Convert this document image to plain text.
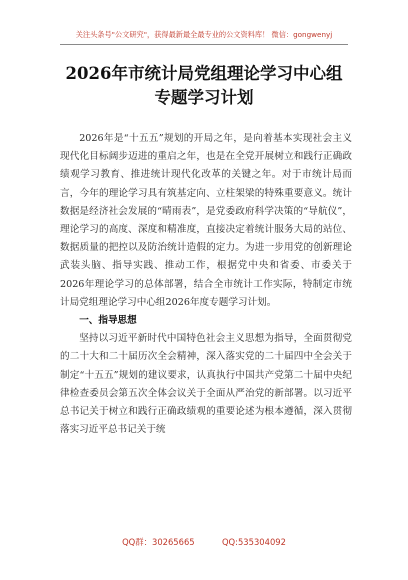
关注头条号"公文研究"，获得最新最全最专业的公文资料库！ 微信：gongwenyj
2026年市统计局党组理论学习中心组专题学习计划

2026年是“十五五”规划的开局之年，是向着基本实现社会主义现代化目标阔步迈进的重启之年，也是在全党开展树立和践行正确政绩观学习教育、推进统计现代化改革的关键之年。对于市统计局而言，今年的理论学习具有筑基定向、立柱架梁的特殊重要意义。统计数据是经济社会发展的“晴雨表”，是党委政府科学决策的“导航仪”，理论学习的高度、深度和精准度，直接决定着统计服务大局的站位、数据质量的把控以及防治统计造假的定力。为进一步用党的创新理论武装头脑、指导实践、推动工作，根据党中央和省委、市委关于2026年理论学习的总体部署，结合全市统计工作实际，特制定市统计局党组理论学习中心组2026年度专题学习计划。

一、指导思想

坚持以习近平新时代中国特色社会主义思想为指导，全面贯彻党的二十大和二十届历次全会精神，深入落实党的二十届四中全会关于制定“十五五”规划的建议要求，认真执行中国共产党第二十届中央纪律检查委员会第五次全体会议关于全面从严治党的新部署。以习近平总书记关于树立和践行正确政绩观的重要论述为根本遵循，深入贯彻落实习近平总书记关于统

QQ群：30265665	QQ:535304092
